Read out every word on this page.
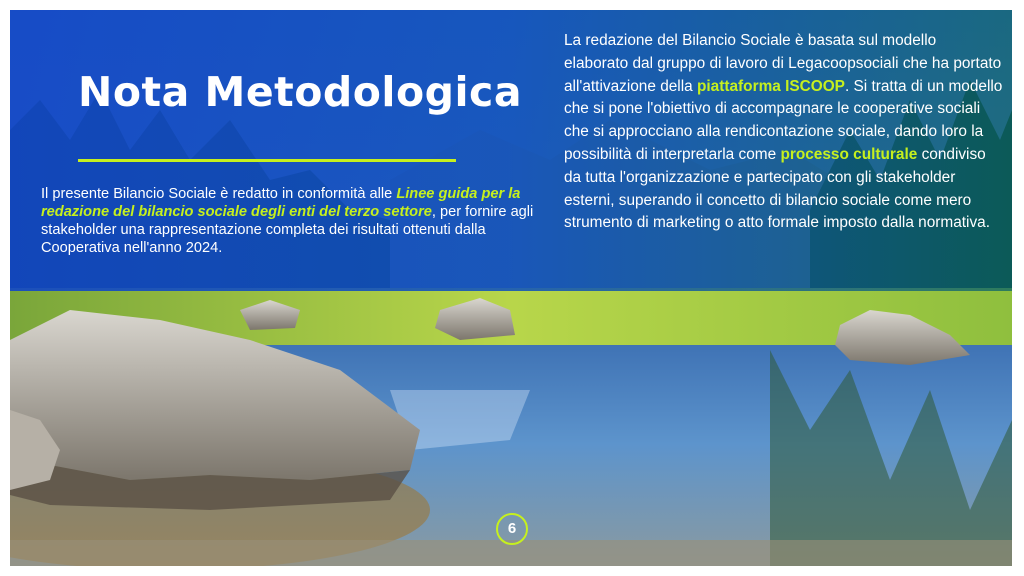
Nota Metodologica

Il presente Bilancio Sociale è redatto in conformità alle Linee guida per la redazione del bilancio sociale degli enti del terzo settore, per fornire agli stakeholder una rappresentazione completa dei risultati ottenuti dalla Cooperativa nell'anno 2024.

La redazione del Bilancio Sociale è basata sul modello elaborato dal gruppo di lavoro di Legacoopsociali che ha portato all'attivazione della piattaforma ISCOOP. Si tratta di un modello che si pone l'obiettivo di accompagnare le cooperative sociali che si approcciano alla rendicontazione sociale, dando loro la possibilità di interpretarla come processo culturale condiviso da tutta l'organizzazione e partecipato con gli stakeholder esterni, superando il concetto di bilancio sociale come mero strumento di marketing o atto formale imposto dalla normativa.

6
